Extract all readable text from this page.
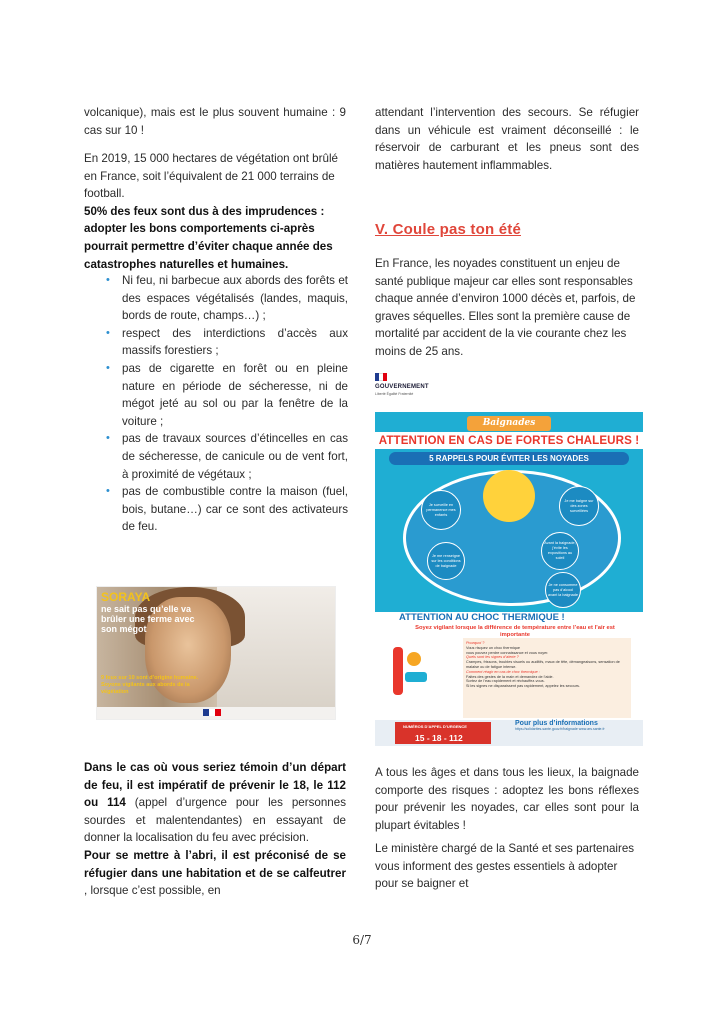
volcanique), mais est le plus souvent humaine : 9 cas sur 10 !

En 2019, 15 000 hectares de végétation ont brûlé en France, soit l’équivalent de 21 000 terrains de football.

50% des feux sont dus à des imprudences : adopter les bons comportements ci-après pourrait permettre d’éviter chaque année des catastrophes naturelles et humaines.

• Ni feu, ni barbecue aux abords des forêts et des espaces végétalisés (landes, maquis, bords de route, champs…) ;
• respect des interdictions d’accès aux massifs forestiers ;
• pas de cigarette en forêt ou en pleine nature en période de sécheresse, ni de mégot jeté au sol ou par la fenêtre de la voiture ;
• pas de travaux sources d’étincelles en cas de sécheresse, de canicule ou de vent fort, à proximité de végétaux ;
• pas de combustible contre la maison (fuel, bois, butane…) car ce sont des activateurs de feu.
SORAYA
ne sait pas qu’elle va brûler une ferme avec son mégot
9 feux sur 10 sont d’origine humaine. Soyons vigilants aux abords de la végétation

Dans le cas où vous seriez témoin d’un départ de feu, il est impératif de prévenir le 18, le 112 ou 114 (appel d’urgence pour les personnes sourdes et malentendantes) en essayant de donner la localisation du feu avec précision.

Pour se mettre à l’abri, il est préconisé de se réfugier dans une habitation et de se calfeutrer , lorsque c’est possible, en

attendant l’intervention des secours. Se réfugier dans un véhicule est vraiment déconseillé : le réservoir de carburant et les pneus sont des matières hautement inflammables.

V. Coule pas ton été

En France, les noyades constituent un enjeu de santé publique majeur car elles sont responsables chaque année d’environ 1000 décès et, parfois, de graves séquelles. Elles sont la première cause de mortalité par accident de la vie courante chez les moins de 25 ans.

GOUVERNEMENT
Liberté Égalité Fraternité
Baignades
ATTENTION EN CAS DE FORTES CHALEURS !
5 RAPPELS POUR ÉVITER LES NOYADES
Je surveille en permanence mes enfants
Je me baigne sur des zones surveillées
Je me renseigne sur les conditions de baignade
Avant la baignade, j’évite les expositions au soleil
Je ne consomme pas d’alcool avant la baignade
ATTENTION AU CHOC THERMIQUE !
Soyez vigilant lorsque la différence de température entre l’eau et l’air est importante
Pourquoi ?
Vous risquez un choc thermique
vous pouvez perdre connaissance et vous noyer.
Quels sont les signes d’alerte ?
Crampes, frissons, troubles visuels ou auditifs, maux de tête, démangeaisons, sensation de malaise ou de fatigue intense.
Comment réagir en cas de choc thermique :
Faites des gestes de la main et demandez de l’aide.
Sortez de l’eau rapidement et réchauffez-vous.
Si les signes ne disparaissent pas rapidement, appelez les secours.
NUMÉROS D’APPEL D’URGENCE
15 - 18 - 112
Pour plus d’informations
https://solidarites-sante.gouv.fr/baignade www.ars.sante.fr

A tous les âges et dans tous les lieux, la baignade comporte des risques : adoptez les bons réflexes pour prévenir les noyades, car elles sont pour la plupart évitables !

Le ministère chargé de la Santé et ses partenaires vous informent des gestes essentiels à adopter pour se baigner et

6/7
